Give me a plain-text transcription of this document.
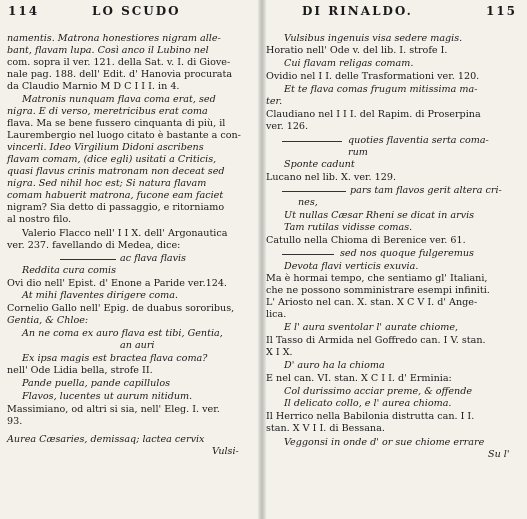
114	LO SCUDO
namentis. Matrona honestiores nigram alle-
bant, flavam lupa. Così anco il Lubino nel
com. sopra il ver. 121. della Sat. v. I. di Giove-
nale pag. 188. dell' Edit. d' Hanovia procurata
da Claudio Marnio M D C I I I. in 4.
Matronis nunquam flava coma erat, sed
nigra. E di verso, meretricibus erat coma
flava. Ma se bene fussero cinquanta di più, il
Laurembergio nel luogo citato è bastante a con-
vincerli. Ideo Virgilium Didoni ascribens
flavam comam, (dice egli) usitati a Criticis,
quasi flavus crinis matronam non deceat sed
nigra. Sed nihil hoc est; Si natura flavam
comam habuerit matrona, fucone eam faciet
nigram? Sia detto di passaggio, e ritorniamo
al nostro filo.
Valerio Flacco nell' I I X. dell' Argonautica
ver. 237. favellando di Medea, dice:
ac flava flavis
Reddita cura comis
Ovi dio nell' Epist. d' Enone a Paride ver.124.
At mihi flaventes dirigere coma.
Cornelio Gallo nell' Epig. de duabus sororibus,
Gentia, & Chloe:
An ne coma ex auro flava est tibi, Gentia,
an auri
Ex ipsa magis est bractea flava coma?
nell' Ode Lidia bella, strofe II.
Pande puella, pande capillulos
Flavos, lucentes ut aurum nitidum.
Massimiano, od altri si sia, nell' Eleg. I. ver.
93.
Aurea Cæsaries, demissaq; lactea cervix
Vulsi-
DI RINALDO.	115
Vulsibus ingenuis visa sedere magis.
Horatio nell' Ode v. del lib. I. strofe I.
Cui flavam religas comam.
Ovidio nel I I. delle Trasformationi ver. 120.
Et te flava comas frugum mitissima ma-
ter.
Claudiano nel I I I. del Rapim. di Proserpina
ver. 126.
quoties flaventia serta coma-
rum
Sponte cadunt
Lucano nel lib. X. ver. 129.
pars tam flavos gerit altera cri-
nes,
Ut nullas Cæsar Rheni se dicat in arvis
Tam rutilas vidisse comas.
Catullo nella Chioma di Berenice ver. 61.
sed nos quoque fulgeremus
Devota flavi verticis exuvia.
Ma è hormai tempo, che sentiamo gl' Italiani,
che ne possono somministrare esempi infiniti.
L' Ariosto nel can. X. stan. X C V I. d' Ange-
lica.
E l' aura sventolar l' aurate chiome,
Il Tasso di Armida nel Goffredo can. I V. stan.
X I X.
D' auro ha la chioma
E nel can. VI. stan. X C I I. d' Erminia:
Col durissimo acciar preme, & offende
Il delicato collo, e l' aurea chioma.
Il Herrico nella Babilonia distrutta can. I I.
stan. X V I I. di Bessana.
Veggonsi in onde d' or sue chiome errare
Su l'
